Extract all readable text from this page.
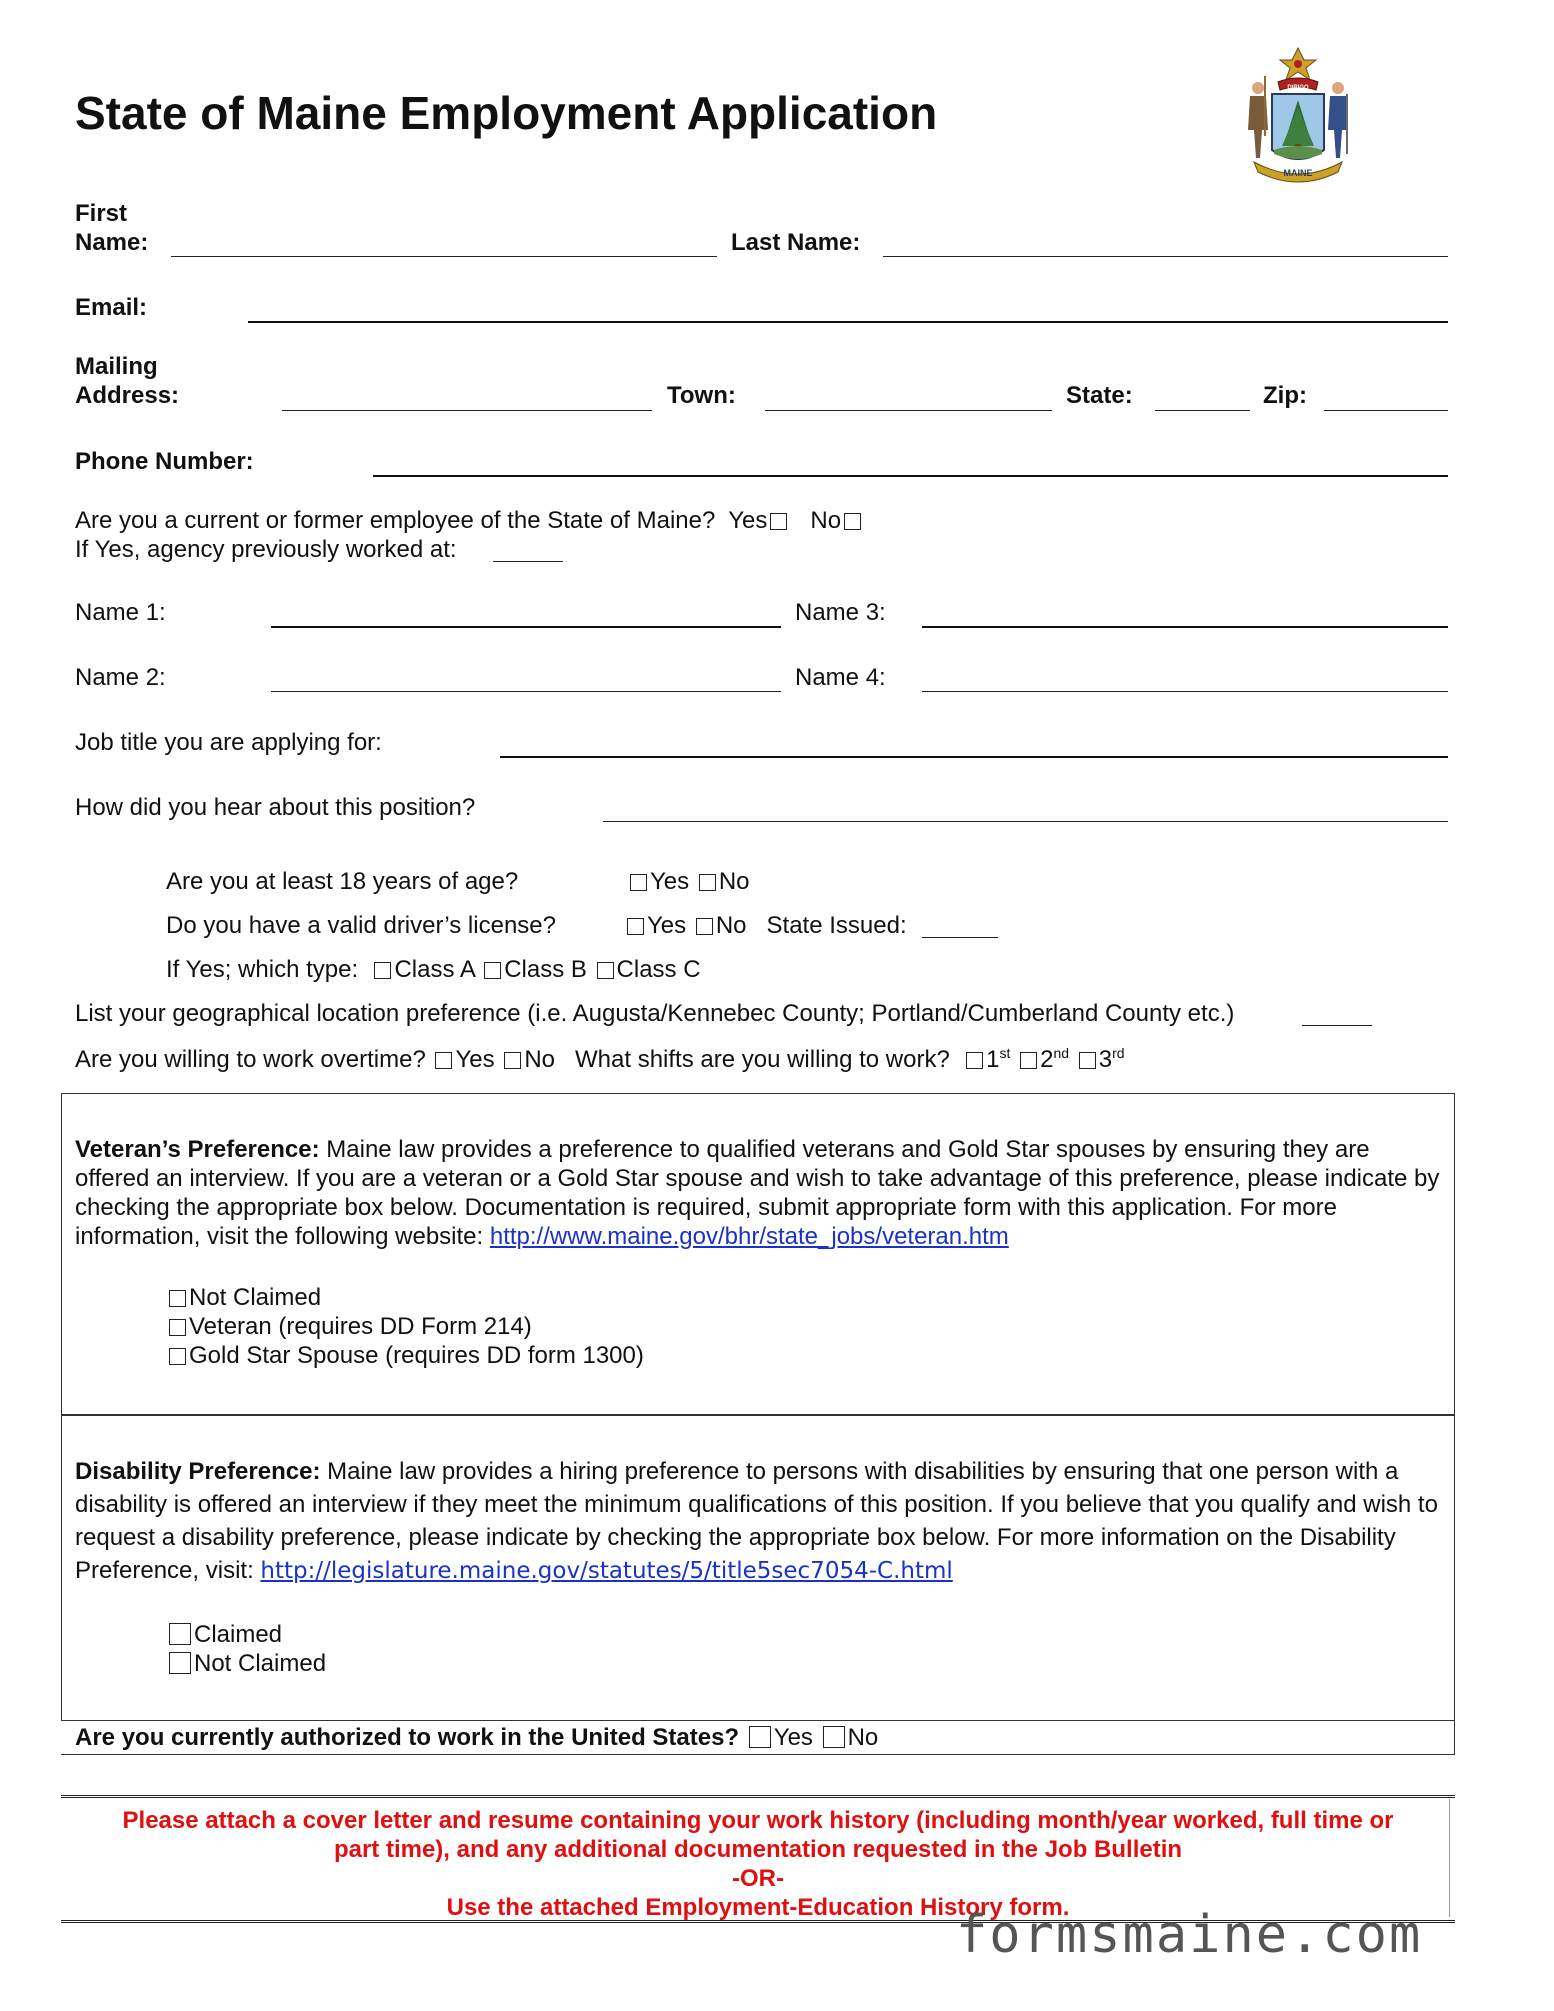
State of Maine Employment Application
MAINE
DIRIGO
First
Name:	Last Name:
Email:
Mailing
Address:	Town:	State:	Zip:
Phone Number:
Are you a current or former employee of the State of Maine? Yes No
If Yes, agency previously worked at:
Name 1:	Name 3:
Name 2:	Name 4:
Job title you are applying for:
How did you hear about this position?
Are you at least 18 years of age?	Yes No
Do you have a valid driver’s license?	Yes No State Issued:
If Yes; which type: Class A Class B Class C
List your geographical location preference (i.e. Augusta/Kennebec County; Portland/Cumberland County etc.)
Are you willing to work overtime? Yes No What shifts are you willing to work? 1st 2nd 3rd
Veteran’s Preference: Maine law provides a preference to qualified veterans and Gold Star spouses by ensuring they are offered an interview. If you are a veteran or a Gold Star spouse and wish to take advantage of this preference, please indicate by checking the appropriate box below. Documentation is required, submit appropriate form with this application. For more information, visit the following website: http://www.maine.gov/bhr/state_jobs/veteran.htm
Not Claimed
Veteran (requires DD Form 214)
Gold Star Spouse (requires DD form 1300)
Disability Preference: Maine law provides a hiring preference to persons with disabilities by ensuring that one person with a disability is offered an interview if they meet the minimum qualifications of this position. If you believe that you qualify and wish to request a disability preference, please indicate by checking the appropriate box below. For more information on the Disability Preference, visit: http://legislature.maine.gov/statutes/5/title5sec7054-C.html
Claimed
Not Claimed
Are you currently authorized to work in the United States? Yes No
Please attach a cover letter and resume containing your work history (including month/year worked, full time or
part time), and any additional documentation requested in the Job Bulletin
-OR-
Use the attached Employment-Education History form.
formsmaine.com
